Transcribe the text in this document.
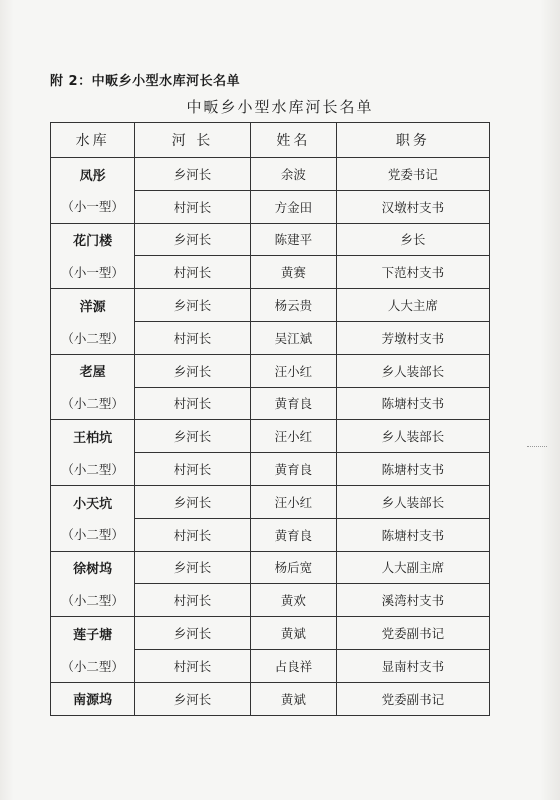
附 2：中畈乡小型水库河长名单
中畈乡小型水库河长名单
水库	河 长	姓名	职务
凤彤	乡河长	余波	党委书记
（小一型）	村河长	方金田	汉墩村支书
花门楼	乡河长	陈建平	乡长
（小一型）	村河长	黄赛	下范村支书
洋源	乡河长	杨云贵	人大主席
（小二型）	村河长	吴江斌	芳墩村支书
老屋	乡河长	汪小红	乡人装部长
（小二型）	村河长	黄育良	陈塘村支书
王柏坑	乡河长	汪小红	乡人装部长
（小二型）	村河长	黄育良	陈塘村支书
小天坑	乡河长	汪小红	乡人装部长
（小二型）	村河长	黄育良	陈塘村支书
徐树坞	乡河长	杨后宽	人大副主席
（小二型）	村河长	黄欢	溪湾村支书
莲子塘	乡河长	黄斌	党委副书记
（小二型）	村河长	占良祥	显南村支书
南源坞	乡河长	黄斌	党委副书记
